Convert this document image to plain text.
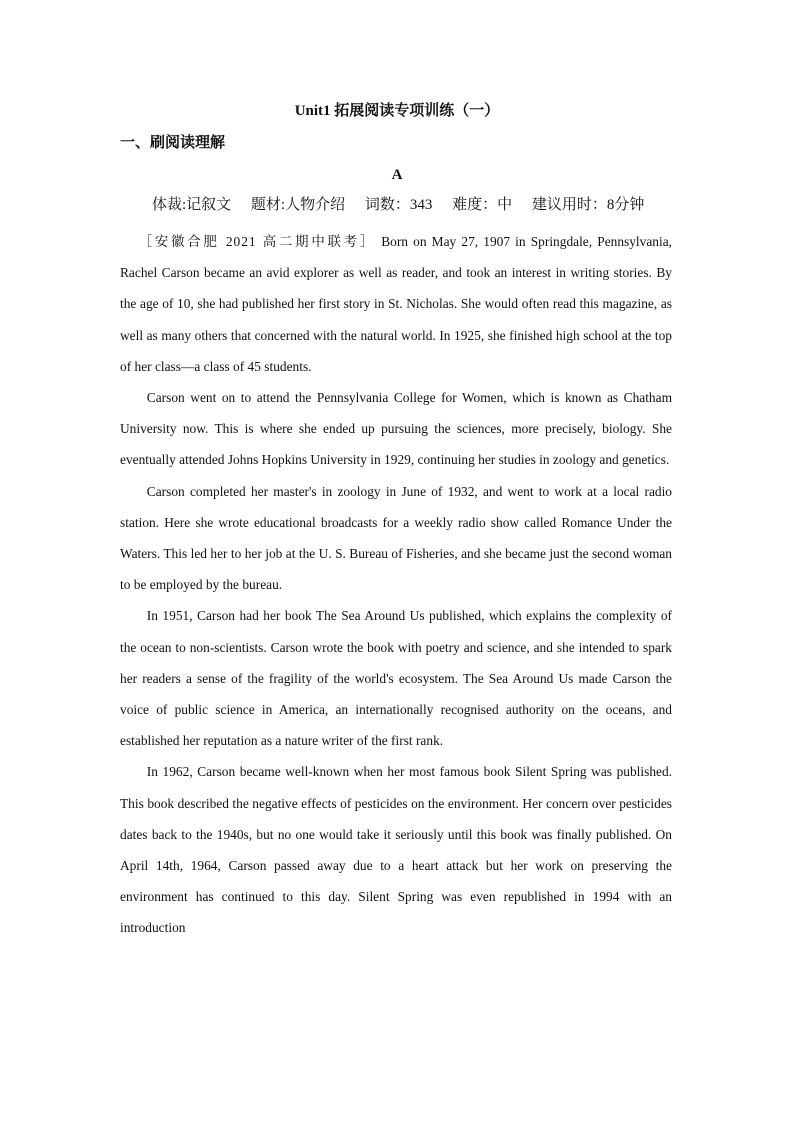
Unit1 拓展阅读专项训练（一）
一、刷阅读理解
A
体裁:记叙文 题材:人物介绍 词数：343 难度：中 建议用时：8分钟

［安徽合肥 2021 高二期中联考］ Born on May 27, 1907 in Springdale, Pennsylvania, Rachel Carson became an avid explorer as well as reader, and took an interest in writing stories. By the age of 10, she had published her first story in St. Nicholas. She would often read this magazine, as well as many others that concerned with the natural world. In 1925, she finished high school at the top of her class—a class of 45 students.

Carson went on to attend the Pennsylvania College for Women, which is known as Chatham University now. This is where she ended up pursuing the sciences, more precisely, biology. She eventually attended Johns Hopkins University in 1929, continuing her studies in zoology and genetics.

Carson completed her master's in zoology in June of 1932, and went to work at a local radio station. Here she wrote educational broadcasts for a weekly radio show called Romance Under the Waters. This led her to her job at the U. S. Bureau of Fisheries, and she became just the second woman to be employed by the bureau.

In 1951, Carson had her book The Sea Around Us published, which explains the complexity of the ocean to non-scientists. Carson wrote the book with poetry and science, and she intended to spark her readers a sense of the fragility of the world's ecosystem. The Sea Around Us made Carson the voice of public science in America, an internationally recognised authority on the oceans, and established her reputation as a nature writer of the first rank.

In 1962, Carson became well-known when her most famous book Silent Spring was published. This book described the negative effects of pesticides on the environment. Her concern over pesticides dates back to the 1940s, but no one would take it seriously until this book was finally published. On April 14th, 1964, Carson passed away due to a heart attack but her work on preserving the environment has continued to this day. Silent Spring was even republished in 1994 with an introduction
